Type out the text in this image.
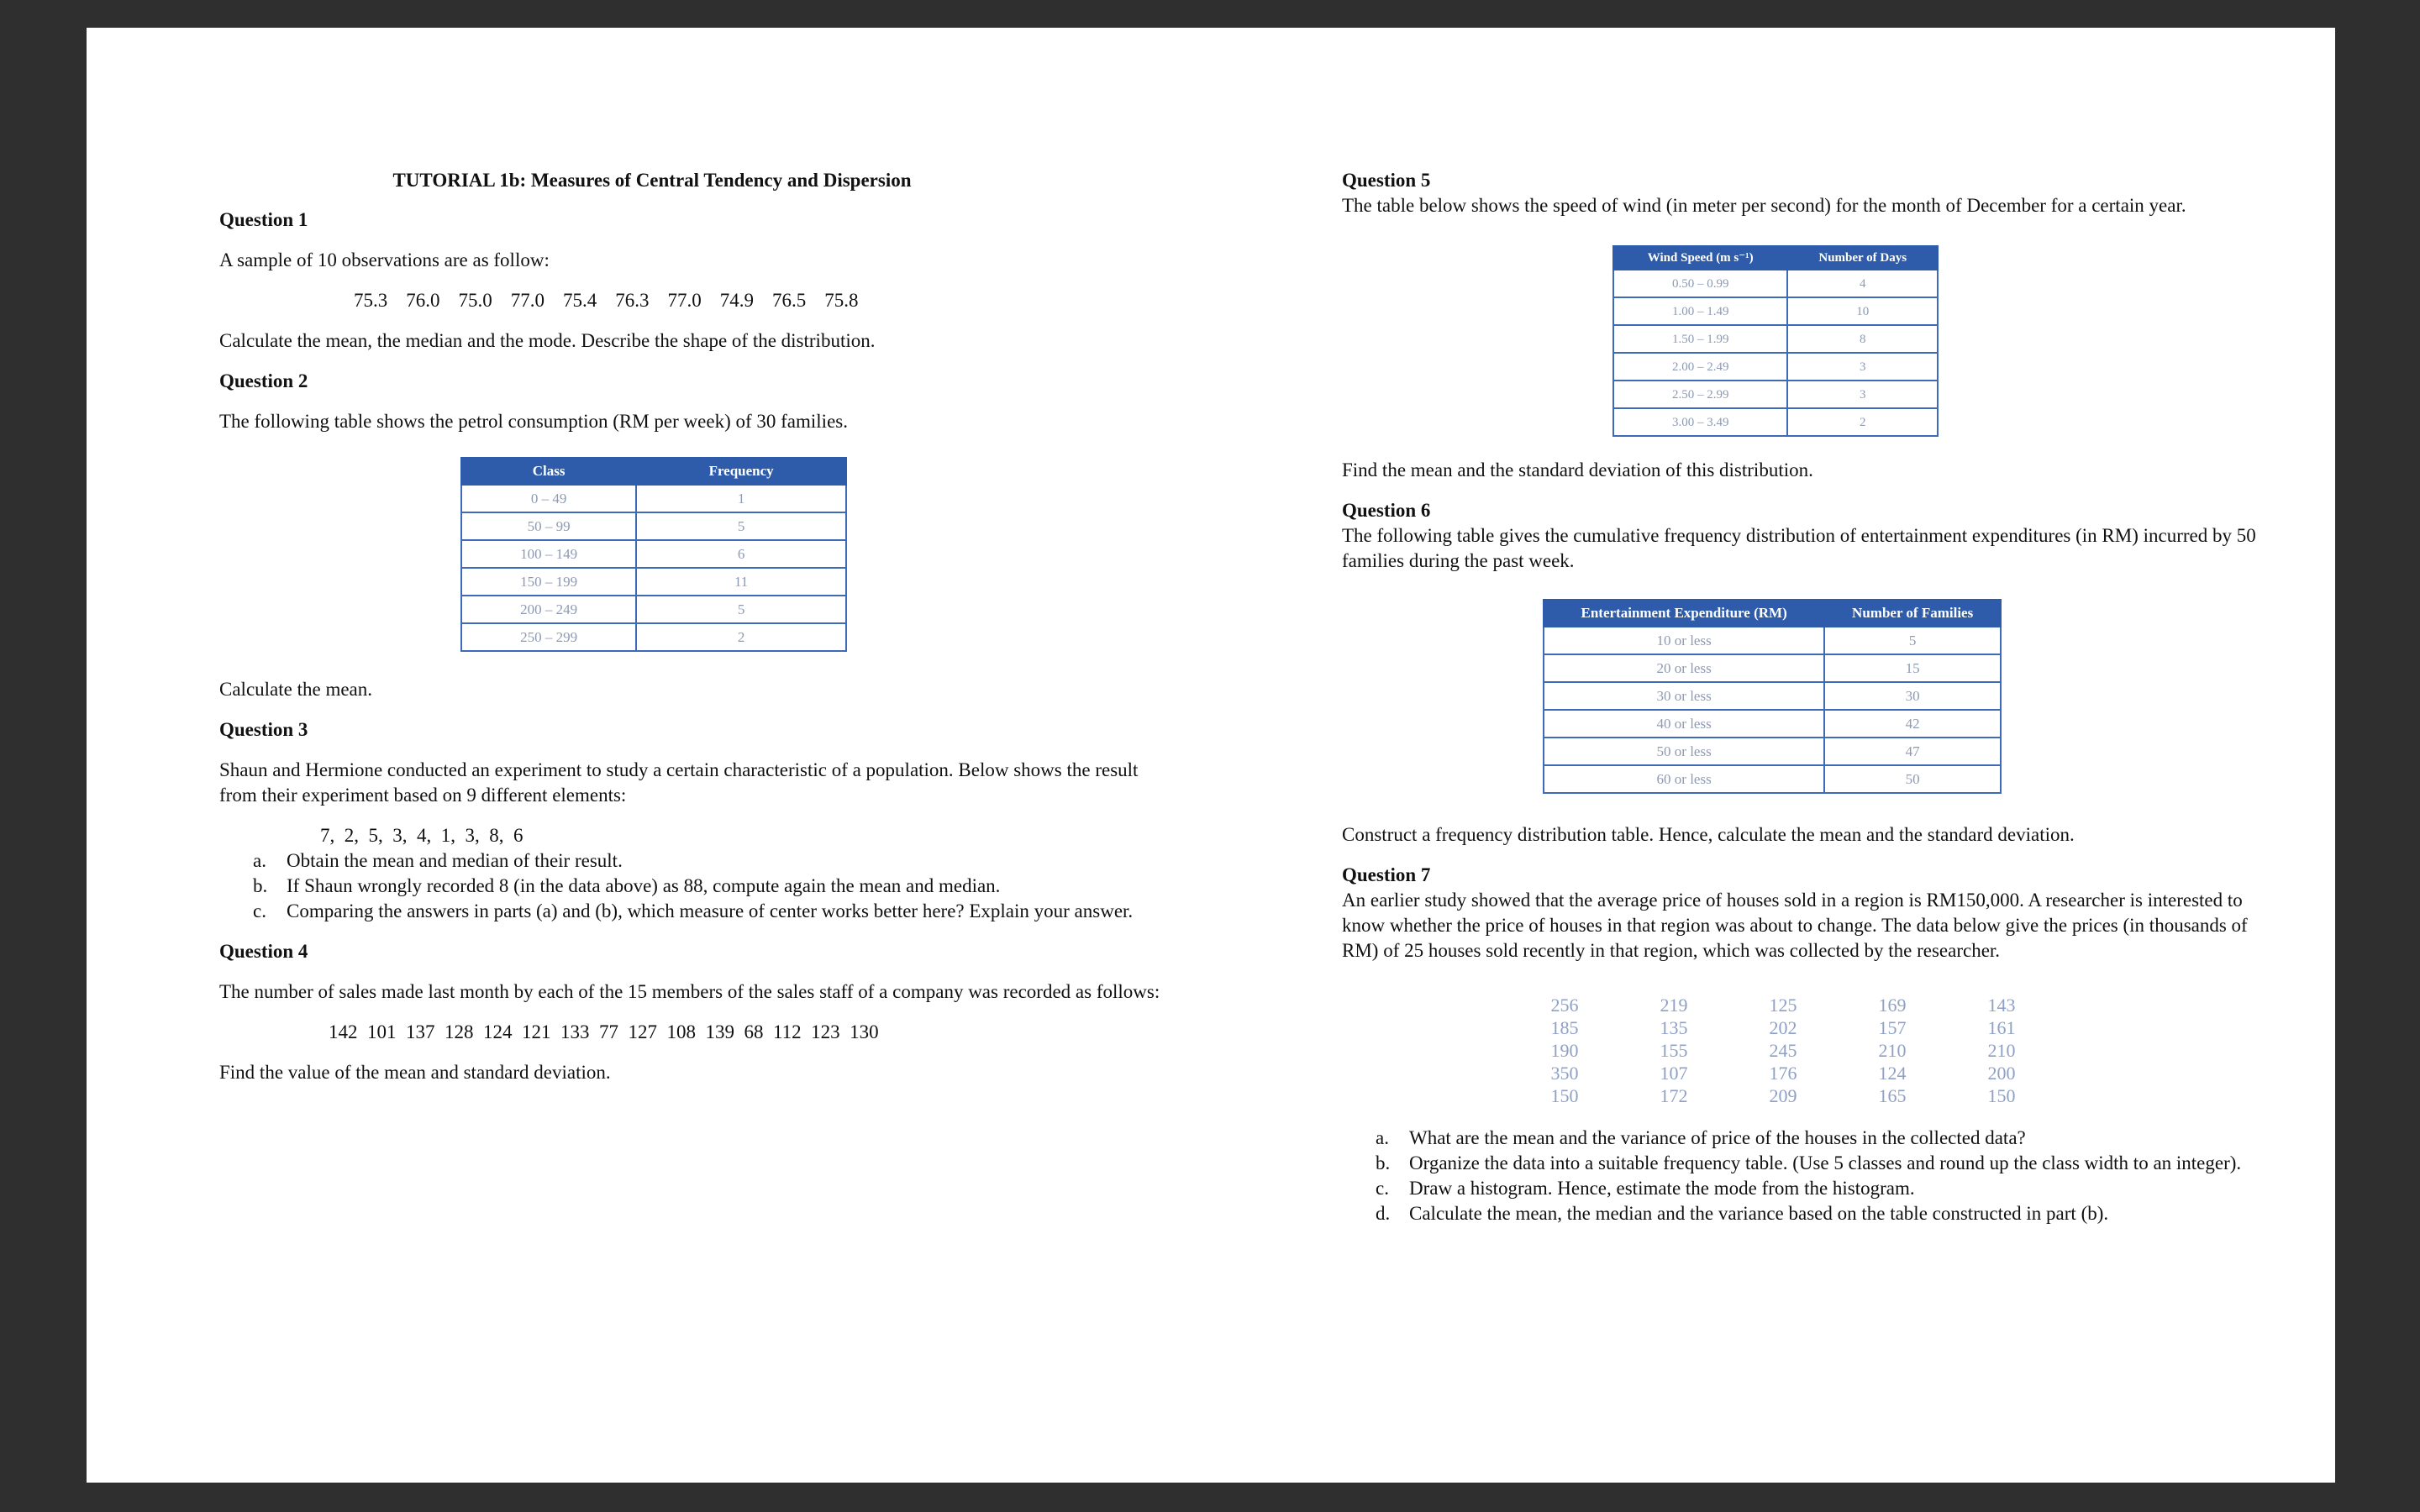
TUTORIAL 1b: Measures of Central Tendency and Dispersion

Question 1

A sample of 10 observations are as follow:

75.3 76.0 75.0 77.0 75.4 76.3 77.0 74.9 76.5 75.8

Calculate the mean, the median and the mode. Describe the shape of the distribution.

Question 2

The following table shows the petrol consumption (RM per week) of 30 families.

Class	Frequency
0 – 49	1
50 – 99	5
100 – 149	6
150 – 199	11
200 – 249	5
250 – 299	2

Calculate the mean.

Question 3

Shaun and Hermione conducted an experiment to study a certain characteristic of a population. Below shows the result from their experiment based on 9 different elements:

7,  2,  5,  3,  4,  1,  3,  8,  6

a.	Obtain the mean and median of their result.
b. If Shaun wrongly recorded 8 (in the data above) as 88, compute again the mean and median.
c.	Comparing the answers in parts (a) and (b), which measure of center works better here? Explain your answer.

Question 4

The number of sales made last month by each of the 15 members of the sales staff of a company was recorded as follows:

142  101  137  128  124  121  133  77  127  108  139  68  112  123  130

Find the value of the mean and standard deviation.

Question 5

The table below shows the speed of wind (in meter per second) for the month of December for a certain year.

Wind Speed (m s⁻¹)	Number of Days
0.50 – 0.99	4
1.00 – 1.49	10
1.50 – 1.99	8
2.00 – 2.49	3
2.50 – 2.99	3
3.00 – 3.49	2

Find the mean and the standard deviation of this distribution.

Question 6

The following table gives the cumulative frequency distribution of entertainment expenditures (in RM) incurred by 50 families during the past week.

Entertainment Expenditure (RM)	Number of Families
10 or less	5
20 or less	15
30 or less	30
40 or less	42
50 or less	47
60 or less	50

Construct a frequency distribution table. Hence, calculate the mean and the standard deviation.

Question 7

An earlier study showed that the average price of houses sold in a region is RM150,000. A researcher is interested to know whether the price of houses in that region was about to change. The data below give the prices (in thousands of RM) of 25 houses sold recently in that region, which was collected by the researcher.

256	219	125	169	143
185	135	202	157	161
190	155	245	210	210
350	107	176	124	200
150	172	209	165	150
a.	What are the mean and the variance of price of the houses in the collected data?
b. Organize the data into a suitable frequency table. (Use 5 classes and round up the class width to an integer).
c.	Draw a histogram. Hence, estimate the mode from the histogram.
d. Calculate the mean, the median and the variance based on the table constructed in part (b).
